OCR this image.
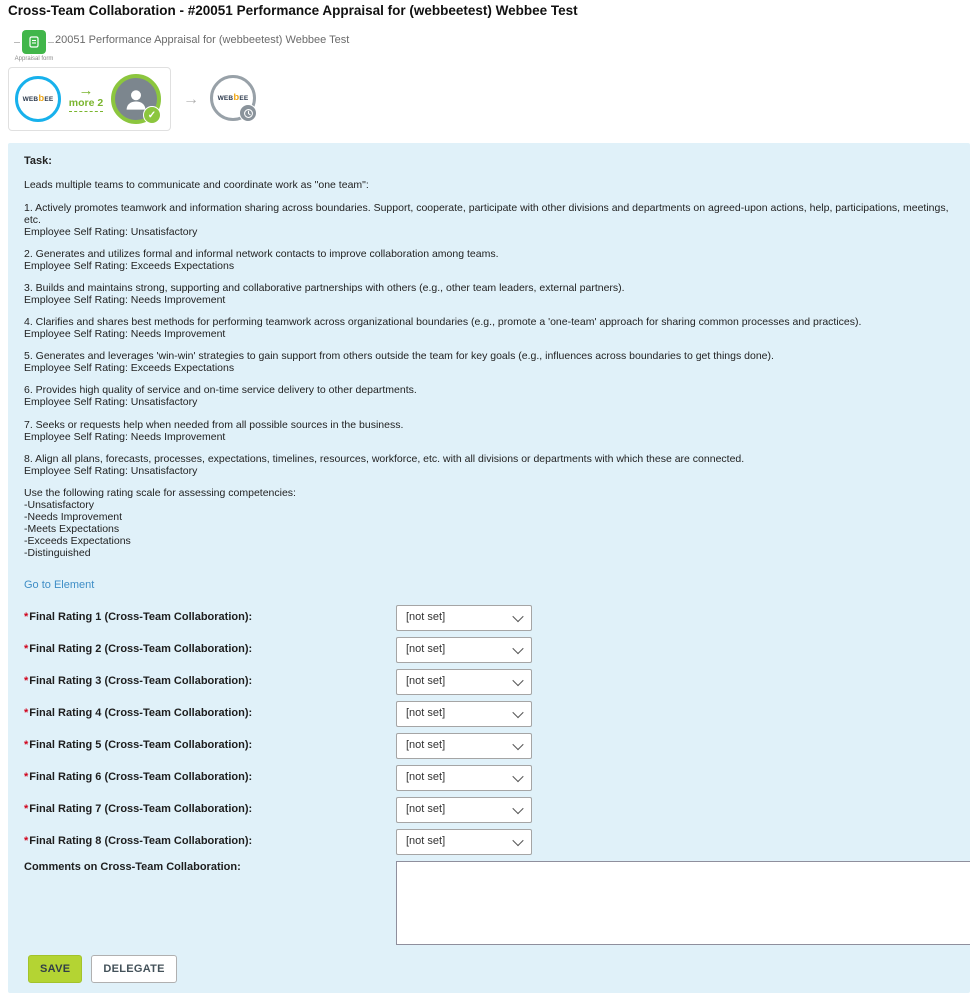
Cross-Team Collaboration - #20051 Performance Appraisal for (webbeetest) Webbee Test
Appraisal form
20051 Performance Appraisal for (webbeetest) Webbee Test
WEBbEE
→ more 2
✓ →	WEBbEE
Task:

Leads multiple teams to communicate and coordinate work as "one team":

1. Actively promotes teamwork and information sharing across boundaries. Support, cooperate, participate with other divisions and departments on agreed-upon actions, help, participations, meetings, etc.
Employee Self Rating: Unsatisfactory
2. Generates and utilizes formal and informal network contacts to improve collaboration among teams.
Employee Self Rating: Exceeds Expectations
3. Builds and maintains strong, supporting and collaborative partnerships with others (e.g., other team leaders, external partners).
Employee Self Rating: Needs Improvement
4. Clarifies and shares best methods for performing teamwork across organizational boundaries (e.g., promote a 'one-team' approach for sharing common processes and practices).
Employee Self Rating: Needs Improvement
5. Generates and leverages 'win-win' strategies to gain support from others outside the team for key goals (e.g., influences across boundaries to get things done).
Employee Self Rating: Exceeds Expectations
6. Provides high quality of service and on-time service delivery to other departments.
Employee Self Rating: Unsatisfactory
7. Seeks or requests help when needed from all possible sources in the business.
Employee Self Rating: Needs Improvement
8. Align all plans, forecasts, processes, expectations, timelines, resources, workforce, etc. with all divisions or departments with which these are connected.
Employee Self Rating: Unsatisfactory
Use the following rating scale for assessing competencies:
-Unsatisfactory
-Needs Improvement
-Meets Expectations
-Exceeds Expectations
-Distinguished
Go to Element
*Final Rating 1 (Cross-Team Collaboration):	[not set]
*Final Rating 2 (Cross-Team Collaboration):	[not set]
*Final Rating 3 (Cross-Team Collaboration):	[not set]
*Final Rating 4 (Cross-Team Collaboration):	[not set]
*Final Rating 5 (Cross-Team Collaboration):	[not set]
*Final Rating 6 (Cross-Team Collaboration):	[not set]
*Final Rating 7 (Cross-Team Collaboration):	[not set]
*Final Rating 8 (Cross-Team Collaboration):	[not set]
Comments on Cross-Team Collaboration:
SAVE	DELEGATE
